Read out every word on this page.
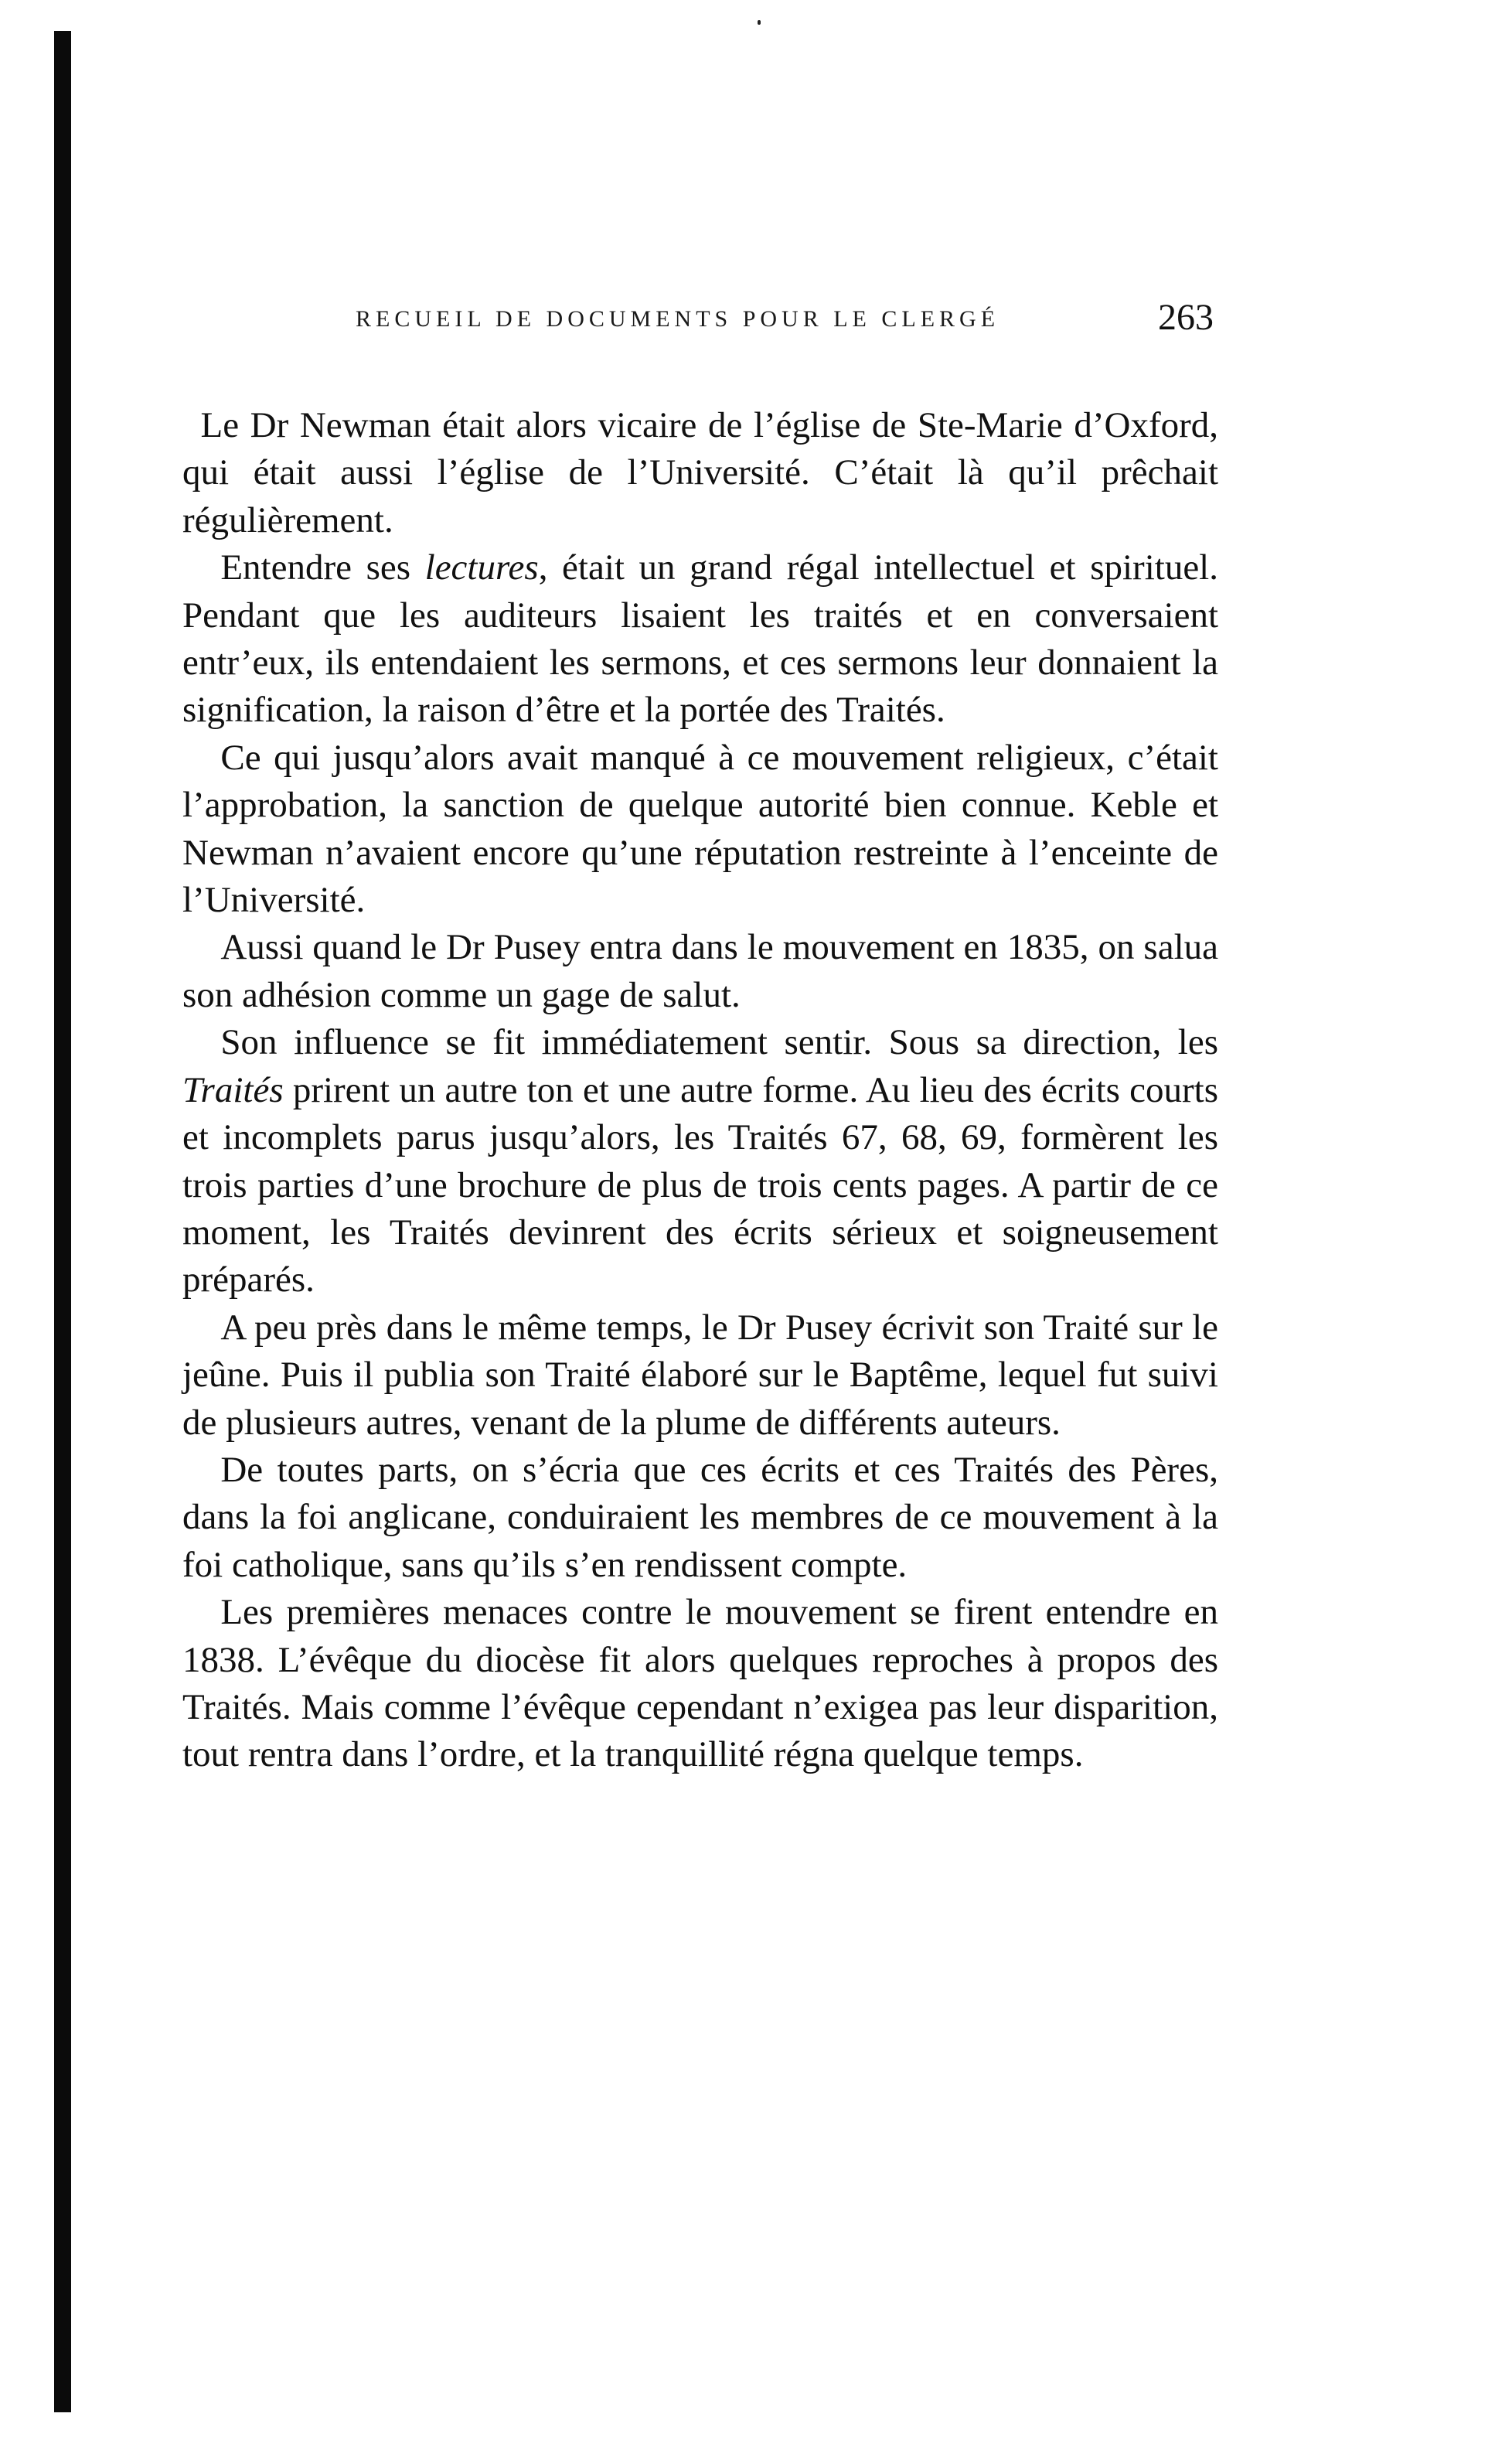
RECUEIL DE DOCUMENTS POUR LE CLERGÉ	263

Le Dr Newman était alors vicaire de l’église de Ste-Marie d’Oxford, qui était aussi l’église de l’Université. C’était là qu’il prêchait régulièrement.

Entendre ses lectures, était un grand régal intellectuel et spirituel. Pendant que les auditeurs lisaient les traités et en conversaient entr’eux, ils entendaient les sermons, et ces sermons leur donnaient la signification, la raison d’être et la portée des Traités.

Ce qui jusqu’alors avait manqué à ce mouvement religieux, c’était l’approbation, la sanction de quelque autorité bien connue. Keble et Newman n’avaient encore qu’une réputation restreinte à l’enceinte de l’Université.

Aussi quand le Dr Pusey entra dans le mouvement en 1835, on salua son adhésion comme un gage de salut.

Son influence se fit immédiatement sentir. Sous sa direction, les Traités prirent un autre ton et une autre forme. Au lieu des écrits courts et incomplets parus jusqu’alors, les Traités 67, 68, 69, formèrent les trois parties d’une brochure de plus de trois cents pages. A partir de ce moment, les Traités devinrent des écrits sérieux et soigneusement préparés.

A peu près dans le même temps, le Dr Pusey écrivit son Traité sur le jeûne. Puis il publia son Traité élaboré sur le Baptême, lequel fut suivi de plusieurs autres, venant de la plume de différents auteurs.

De toutes parts, on s’écria que ces écrits et ces Traités des Pères, dans la foi anglicane, conduiraient les membres de ce mouvement à la foi catholique, sans qu’ils s’en rendissent compte.

Les premières menaces contre le mouvement se firent entendre en 1838. L’évêque du diocèse fit alors quelques reproches à propos des Traités. Mais comme l’évêque cependant n’exigea pas leur disparition, tout rentra dans l’ordre, et la tranquillité régna quelque temps.
